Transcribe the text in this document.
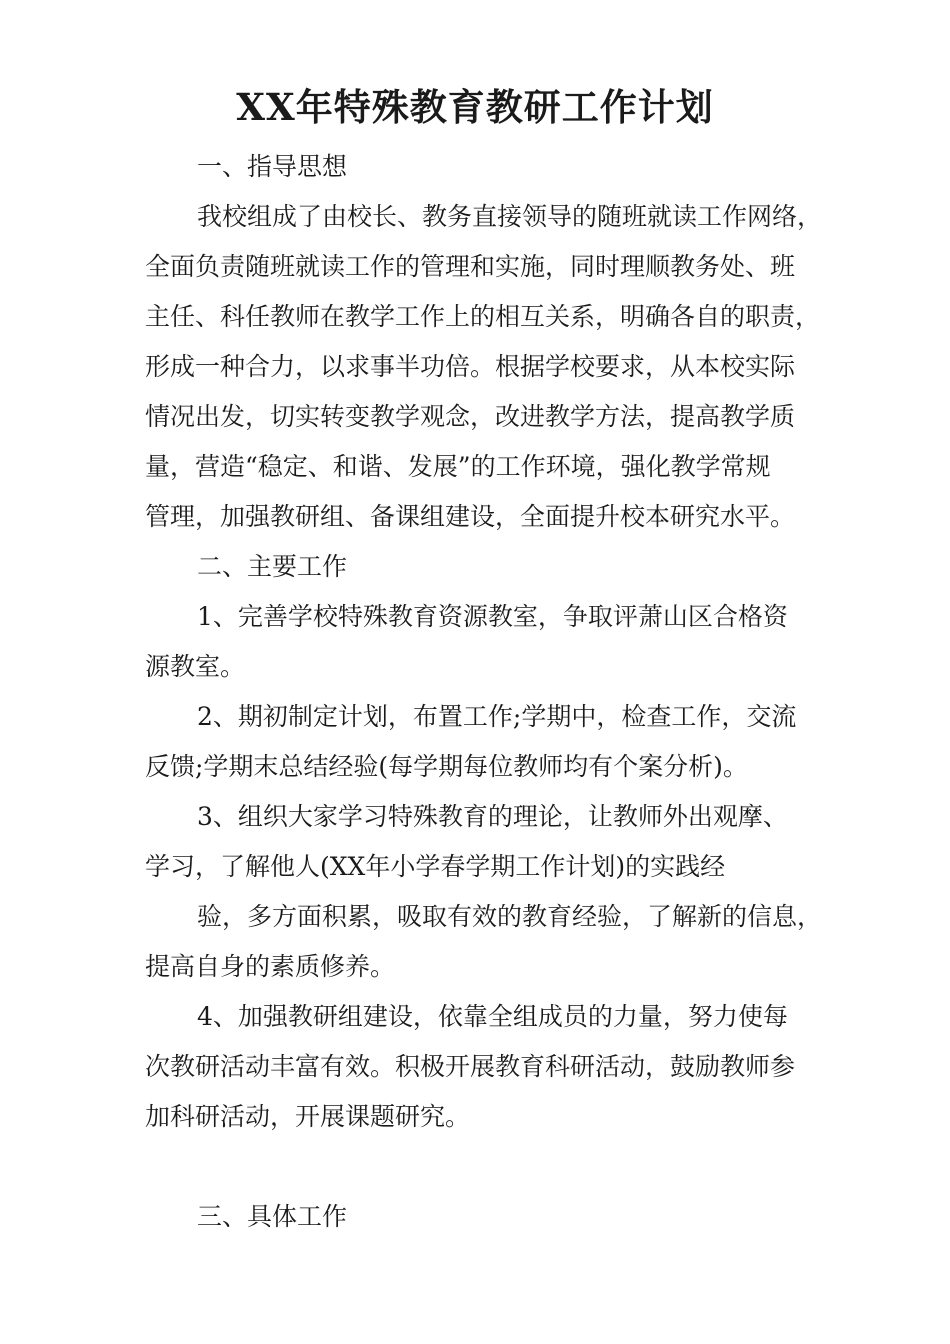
XX年特殊教育教研工作计划
一、指导思想
我校组成了由校长、教务直接领导的随班就读工作网络，
全面负责随班就读工作的管理和实施，同时理顺教务处、班
主任、科任教师在教学工作上的相互关系，明确各自的职责，
形成一种合力，以求事半功倍。根据学校要求，从本校实际
情况出发，切实转变教学观念，改进教学方法，提高教学质
量，营造“稳定、和谐、发展”的工作环境，强化教学常规
管理，加强教研组、备课组建设，全面提升校本研究水平。
二、主要工作
1、完善学校特殊教育资源教室，争取评萧山区合格资
源教室。
2、期初制定计划，布置工作;学期中，检查工作，交流
反馈;学期末总结经验(每学期每位教师均有个案分析)。
3、组织大家学习特殊教育的理论，让教师外出观摩、
学习，了解他人(XX年小学春学期工作计划)的实践经
验，多方面积累，吸取有效的教育经验，了解新的信息，
提高自身的素质修养。
4、加强教研组建设，依靠全组成员的力量，努力使每
次教研活动丰富有效。积极开展教育科研活动，鼓励教师参
加科研活动，开展课题研究。
三、具体工作
